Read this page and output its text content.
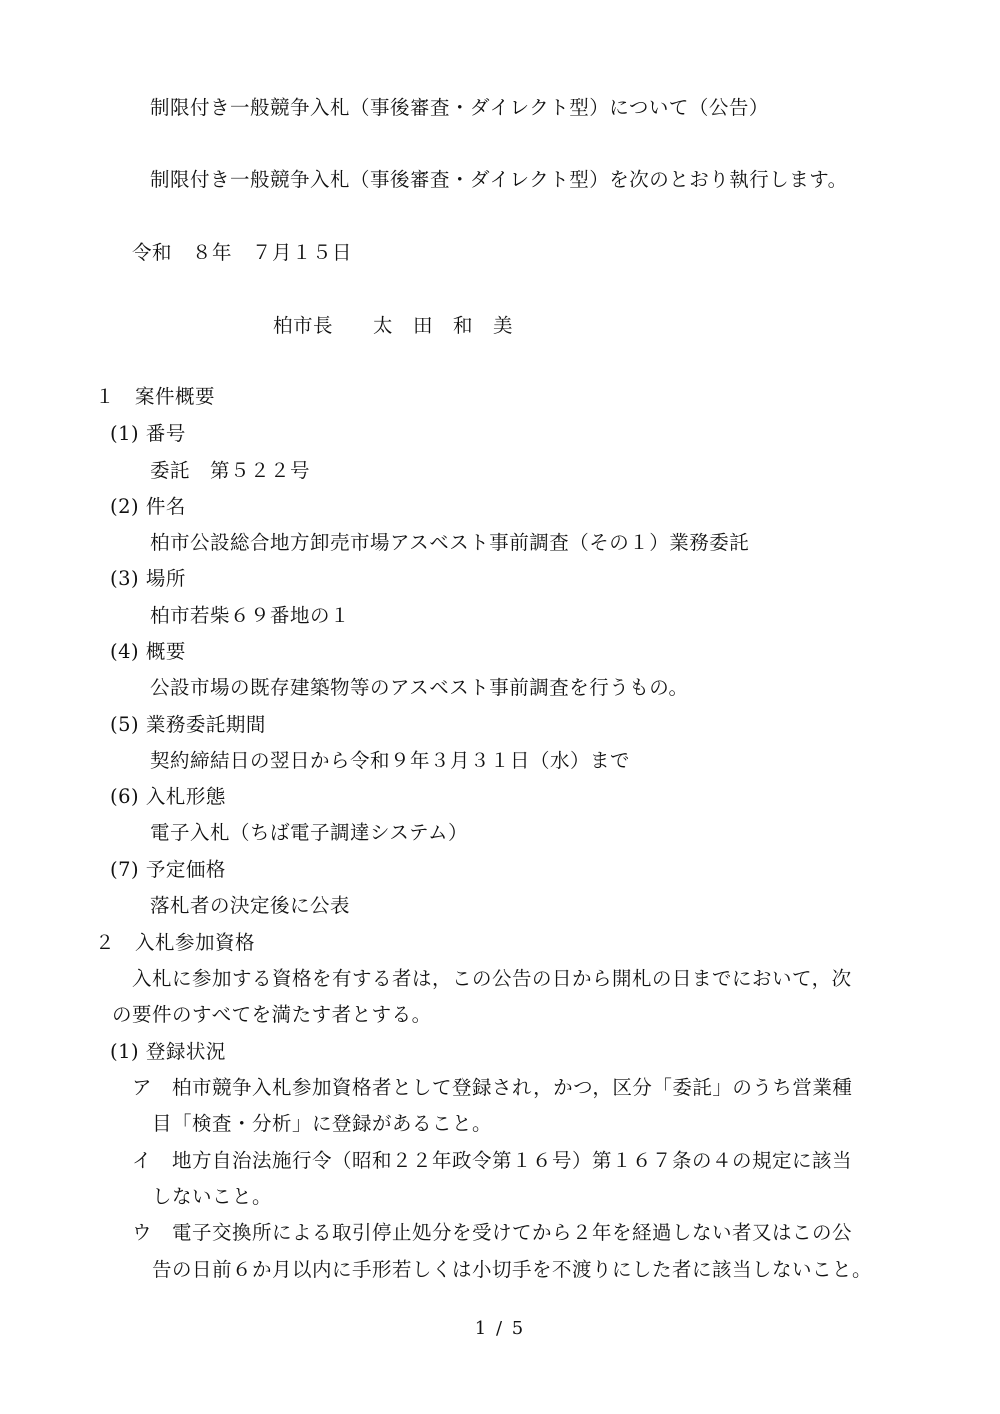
制限付き一般競争入札（事後審査・ダイレクト型）について（公告）
制限付き一般競争入札（事後審査・ダイレクト型）を次のとおり執行します。
令和　８年　７月１５日
柏市長　　太　田　和　美
１　案件概要
(1) 番号
委託　第５２２号
(2) 件名
柏市公設総合地方卸売市場アスベスト事前調査（その１）業務委託
(3) 場所
柏市若柴６９番地の１
(4) 概要
公設市場の既存建築物等のアスベスト事前調査を行うもの。
(5) 業務委託期間
契約締結日の翌日から令和９年３月３１日（水）まで
(6) 入札形態
電子入札（ちば電子調達システム）
(7) 予定価格
落札者の決定後に公表
２　入札参加資格
入札に参加する資格を有する者は，この公告の日から開札の日までにおいて，次
の要件のすべてを満たす者とする。
(1) 登録状況
ア　柏市競争入札参加資格者として登録され，かつ，区分「委託」のうち営業種
目「検査・分析」に登録があること。
イ　地方自治法施行令（昭和２２年政令第１６号）第１６７条の４の規定に該当
しないこと。
ウ　電子交換所による取引停止処分を受けてから２年を経過しない者又はこの公
告の日前６か月以内に手形若しくは小切手を不渡りにした者に該当しないこと。
1 / 5
